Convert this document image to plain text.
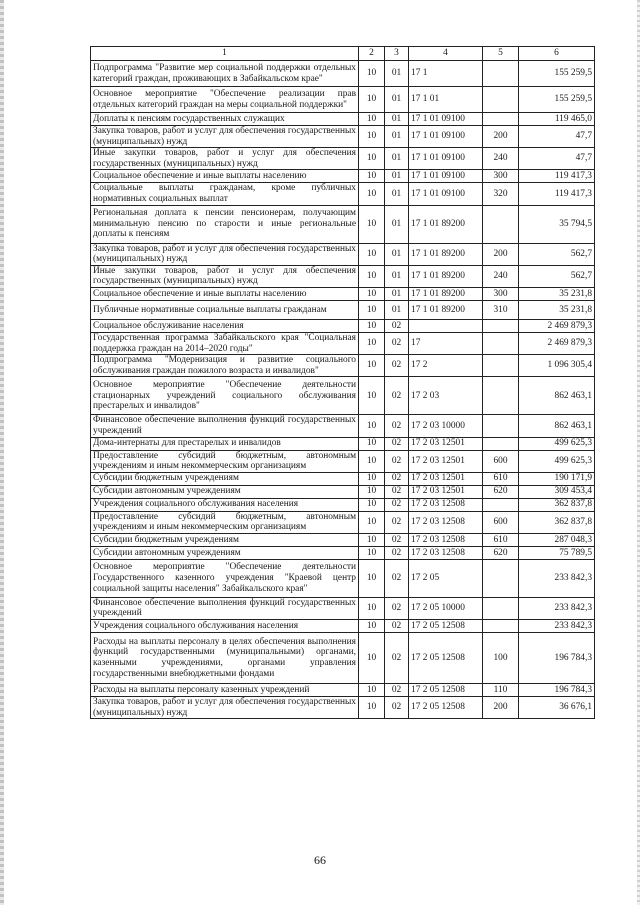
1	2	3	4	5	6
Подпрограмма "Развитие мер социальной поддержки отдельных категорий граждан, проживающих в Забайкальском крае"	10	01	17 1		155 259,5
Основное мероприятие "Обеспечение реализации прав отдельных категорий граждан на меры социальной поддержки"	10	01	17 1 01		155 259,5
Доплаты к пенсиям государственных служащих	10	01	17 1 01 09100		119 465,0
Закупка товаров, работ и услуг для обеспечения государственных (муниципальных) нужд	10	01	17 1 01 09100	200	47,7
Иные закупки товаров, работ и услуг для обеспечения государственных (муниципальных) нужд	10	01	17 1 01 09100	240	47,7
Социальное обеспечение и иные выплаты населению	10	01	17 1 01 09100	300	119 417,3
Социальные выплаты гражданам, кроме публичных нормативных социальных выплат	10	01	17 1 01 09100	320	119 417,3
Региональная доплата к пенсии пенсионерам, получающим минимальную пенсию по старости и иные региональные доплаты к пенсиям	10	01	17 1 01 89200		35 794,5
Закупка товаров, работ и услуг для обеспечения государственных (муниципальных) нужд	10	01	17 1 01 89200	200	562,7
Иные закупки товаров, работ и услуг для обеспечения государственных (муниципальных) нужд	10	01	17 1 01 89200	240	562,7
Социальное обеспечение и иные выплаты населению	10	01	17 1 01 89200	300	35 231,8
Публичные нормативные социальные выплаты гражданам	10	01	17 1 01 89200	310	35 231,8
Социальное обслуживание населения	10	02			2 469 879,3
Государственная программа Забайкальского края "Социальная поддержка граждан на 2014–2020 годы"	10	02	17		2 469 879,3
Подпрограмма "Модернизация и развитие социального обслуживания граждан пожилого возраста и инвалидов"	10	02	17 2		1 096 305,4
Основное мероприятие "Обеспечение деятельности стационарных учреждений социального обслуживания престарелых и инвалидов"	10	02	17 2 03		862 463,1
Финансовое обеспечение выполнения функций государственных учреждений	10	02	17 2 03 10000		862 463,1
Дома-интернаты для престарелых и инвалидов	10	02	17 2 03 12501		499 625,3
Предоставление субсидий бюджетным, автономным учреждениям и иным некоммерческим организациям	10	02	17 2 03 12501	600	499 625,3
Субсидии бюджетным учреждениям	10	02	17 2 03 12501	610	190 171,9
Субсидии автономным учреждениям	10	02	17 2 03 12501	620	309 453,4
Учреждения социального обслуживания населения	10	02	17 2 03 12508		362 837,8
Предоставление субсидий бюджетным, автономным учреждениям и иным некоммерческим организациям	10	02	17 2 03 12508	600	362 837,8
Субсидии бюджетным учреждениям	10	02	17 2 03 12508	610	287 048,3
Субсидии автономным учреждениям	10	02	17 2 03 12508	620	75 789,5
Основное мероприятие "Обеспечение деятельности Государственного казенного учреждения "Краевой центр социальной защиты населения" Забайкальского края"	10	02	17 2 05		233 842,3
Финансовое обеспечение выполнения функций государственных учреждений	10	02	17 2 05 10000		233 842,3
Учреждения социального обслуживания населения	10	02	17 2 05 12508		233 842,3
Расходы на выплаты персоналу в целях обеспечения выполнения функций государственными (муниципальными) органами, казенными учреждениями, органами управления государственными внебюджетными фондами	10	02	17 2 05 12508	100	196 784,3
Расходы на выплаты персоналу казенных учреждений	10	02	17 2 05 12508	110	196 784,3
Закупка товаров, работ и услуг для обеспечения государственных (муниципальных) нужд	10	02	17 2 05 12508	200	36 676,1
66
